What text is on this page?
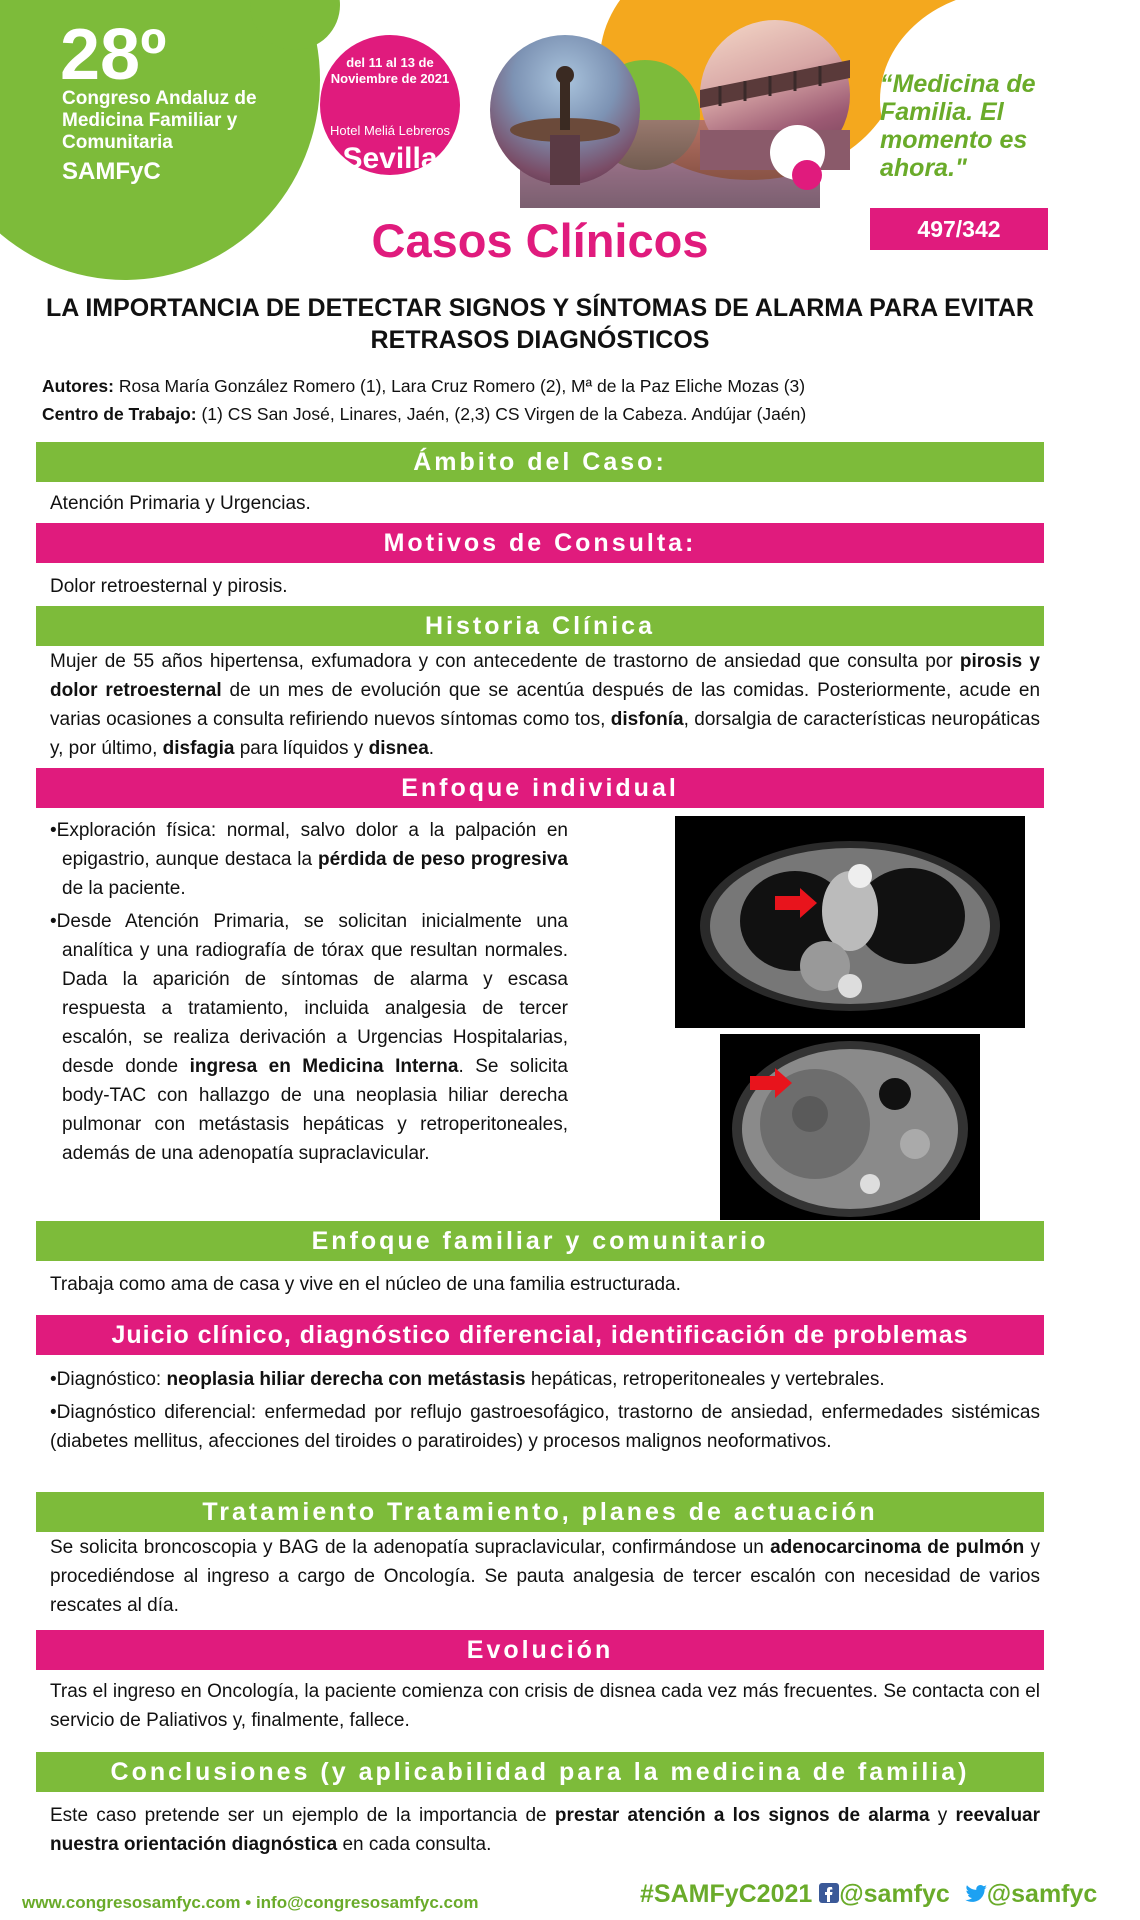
del 11 al 13 de Noviembre de 2021
Hotel Meliá Lebreros
Sevilla
28º
Congreso Andaluz de Medicina Familiar y Comunitaria
SAMFyC
“Medicina de Familia. El momento es ahora."
Casos Clínicos	497/342
LA IMPORTANCIA DE DETECTAR SIGNOS Y SÍNTOMAS DE ALARMA PARA EVITAR RETRASOS DIAGNÓSTICOS
Autores: Rosa María González Romero (1), Lara Cruz Romero (2), Mª de la Paz Eliche Mozas (3)
Centro de Trabajo: (1) CS San José, Linares, Jaén, (2,3) CS Virgen de la Cabeza. Andújar (Jaén)
Ámbito del Caso:
Atención Primaria y Urgencias.
Motivos de Consulta:
Dolor retroesternal y pirosis.
Historia Clínica
Mujer de 55 años hipertensa, exfumadora y con antecedente de trastorno de ansiedad que consulta por pirosis y dolor retroesternal de un mes de evolución que se acentúa después de las comidas. Posteriormente, acude en varias ocasiones a consulta refiriendo nuevos síntomas como tos, disfonía, dorsalgia de características neuropáticas y, por último, disfagia para líquidos y disnea.
Enfoque individual
•Exploración física: normal, salvo dolor a la palpación en epigastrio, aunque destaca la pérdida de peso progresiva de la paciente.
•Desde Atención Primaria, se solicitan inicialmente una analítica y una radiografía de tórax que resultan normales. Dada la aparición de síntomas de alarma y escasa respuesta a tratamiento, incluida analgesia de tercer escalón, se realiza derivación a Urgencias Hospitalarias, desde donde ingresa en Medicina Interna. Se solicita body-TAC con hallazgo de una neoplasia hiliar derecha pulmonar con metástasis hepáticas y retroperitoneales, además de una adenopatía supraclavicular.
Enfoque familiar y comunitario
Trabaja como ama de casa y vive en el núcleo de una familia estructurada.
Juicio clínico, diagnóstico diferencial, identificación de problemas
•Diagnóstico: neoplasia hiliar derecha con metástasis hepáticas, retroperitoneales y vertebrales.
•Diagnóstico diferencial: enfermedad por reflujo gastroesofágico, trastorno de ansiedad, enfermedades sistémicas (diabetes mellitus, afecciones del tiroides o paratiroides) y procesos malignos neoformativos.
Tratamiento Tratamiento, planes de actuación
Se solicita broncoscopia y BAG de la adenopatía supraclavicular, confirmándose un adenocarcinoma de pulmón y procediéndose al ingreso a cargo de Oncología. Se pauta analgesia de tercer escalón con necesidad de varios rescates al día.
Evolución
Tras el ingreso en Oncología, la paciente comienza con crisis de disnea cada vez más frecuentes. Se contacta con el servicio de Paliativos y, finalmente, fallece.
Conclusiones (y aplicabilidad para la medicina de familia)
Este caso pretende ser un ejemplo de la importancia de prestar atención a los signos de alarma y reevaluar nuestra orientación diagnóstica en cada consulta.
www.congresosamfyc.com • info@congresosamfyc.com	#SAMFyC2021 @samfyc @samfyc
